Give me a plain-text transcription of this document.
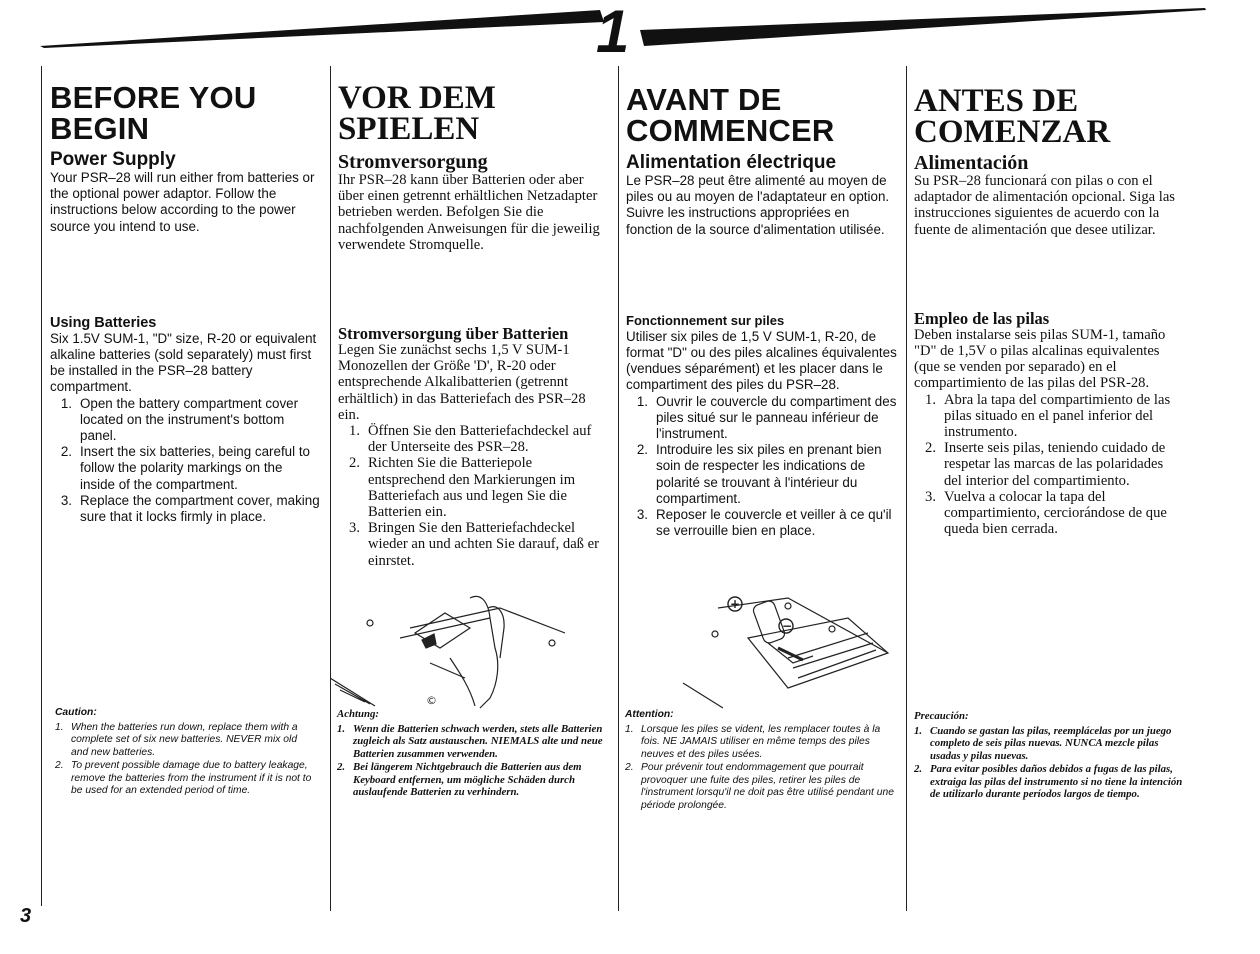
1
BEFORE YOU
BEGIN
Power Supply

Your PSR–28 will run either from batteries or the optional power adaptor. Follow the instructions below according to the power source you intend to use.

Using Batteries

Six 1.5V SUM-1, "D" size, R-20 or equivalent alkaline batteries (sold separately) must first be installed in the PSR–28 battery compartment.

1. Open the battery compartment cover located on the instrument's bottom panel.
2. Insert the six batteries, being careful to follow the polarity markings on the inside of the compartment.
3. Replace the compartment cover, making sure that it locks firmly in place.
VOR DEM
SPIELEN
Stromversorgung

Ihr PSR–28 kann über Batterien oder aber über einen getrennt erhältlichen Netzadapter betrieben werden. Befolgen Sie die nachfolgenden Anweisungen für die jeweilig verwendete Stromquelle.

Stromversorgung über Batterien

Legen Sie zunächst sechs 1,5 V SUM-1 Monozellen der Größe 'D', R-20 oder entsprechende Alkalibatterien (getrennt erhältlich) in das Batteriefach des PSR–28 ein.

1. Öffnen Sie den Batteriefachdeckel auf der Unterseite des PSR–28.
2. Richten Sie die Batteriepole entsprechend den Markierungen im Batteriefach aus und legen Sie die Batterien ein.
3. Bringen Sie den Batteriefachdeckel wieder an und achten Sie darauf, daß er einrstet.
AVANT DE
COMMENCER
Alimentation électrique

Le PSR–28 peut être alimenté au moyen de piles ou au moyen de l'adaptateur en option. Suivre les instructions appropriées en fonction de la source d'alimentation utilisée.

Fonctionnement sur piles

Utiliser six piles de 1,5 V SUM-1, R-20, de format "D" ou des piles alcalines équivalentes (vendues séparément) et les placer dans le compartiment des piles du PSR–28.

1. Ouvrir le couvercle du compartiment des piles situé sur le panneau inférieur de l'instrument.
2. Introduire les six piles en prenant bien soin de respecter les indications de polarité se trouvant à l'intérieur du compartiment.
3. Reposer le couvercle et veiller à ce qu'il se verrouille bien en place.
ANTES DE
COMENZAR
Alimentación

Su PSR–28 funcionará con pilas o con el adaptador de alimentación opcional. Siga las instrucciones siguientes de acuerdo con la fuente de alimentación que desee utilizar.

Empleo de las pilas

Deben instalarse seis pilas SUM-1, tamaño "D" de 1,5V o pilas alcalinas equivalentes (que se venden por separado) en el compartimiento de las pilas del PSR-28.

1. Abra la tapa del compartimiento de las pilas situado en el panel inferior del instrumento.
2. Inserte seis pilas, teniendo cuidado de respetar las marcas de las polaridades del interior del compartimiento.
3. Vuelva a colocar la tapa del compartimiento, cerciorándose de que queda bien cerrada.
©
+
−

Caution:

1. When the batteries run down, replace them with a complete set of six new batteries. NEVER mix old and new batteries.
2. To prevent possible damage due to battery leakage, remove the batteries from the instrument if it is not to be used for an extended period of time.

Achtung:

1. Wenn die Batterien schwach werden, stets alle Batterien zugleich als Satz austauschen. NIEMALS alte und neue Batterien zusammen verwenden.
2. Bei längerem Nichtgebrauch die Batterien aus dem Keyboard entfernen, um mögliche Schäden durch auslaufende Batterien zu verhindern.

Attention:

1. Lorsque les piles se vident, les remplacer toutes à la fois. NE JAMAIS utiliser en même temps des piles neuves et des piles usées.
2. Pour prévenir tout endommagement que pourrait provoquer une fuite des piles, retirer les piles de l'instrument lorsqu'il ne doit pas être utilisé pendant une période prolongée.

Precaución:

1. Cuando se gastan las pilas, reemplácelas por un juego completo de seis pilas nuevas. NUNCA mezcle pilas usadas y pilas nuevas.
2. Para evitar posibles daños debidos a fugas de las pilas, extraiga las pilas del instrumento si no tiene la intención de utilizarlo durante períodos largos de tiempo.
3
